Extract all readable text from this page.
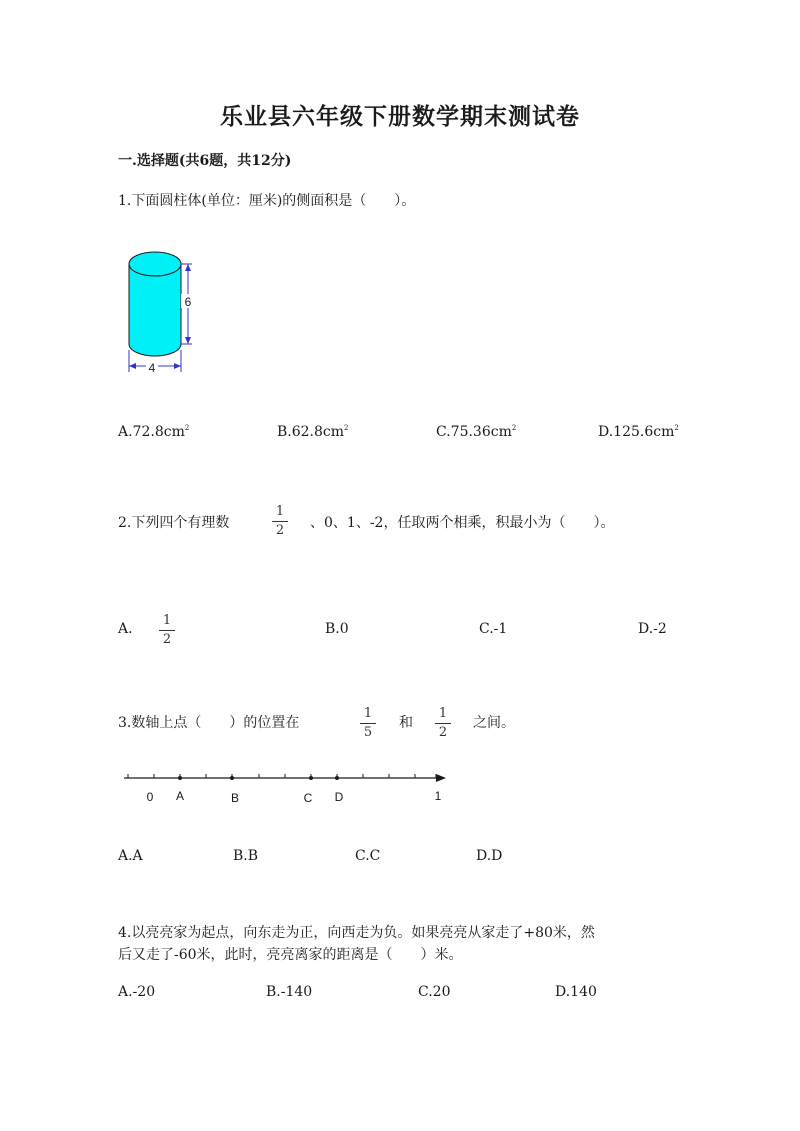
乐业县六年级下册数学期末测试卷
一.选择题(共6题，共12分)
1.下面圆柱体(单位：厘米)的侧面积是（　　）。
6
4
$A.72.8cm^2$	$B.62.8cm^2$	$C.75.36cm^2$	$D.125.6cm^2$
2.下列四个有理数
1
2 、0、1、-2，任取两个相乘，积最小为（　　）。
A.
1
2
B.0	C.-1	D.-2
3.数轴上点（　　）的位置在
1
5
和
1
2
之间。
0 A	B	C D	1
A.A	B.B	C.C	D.D
4.以亮亮家为起点，向东走为正，向西走为负。如果亮亮从家走了+80米，然
后又走了-60米，此时，亮亮离家的距离是（　　）米。
A.-20	B.-140	C.20	D.140
